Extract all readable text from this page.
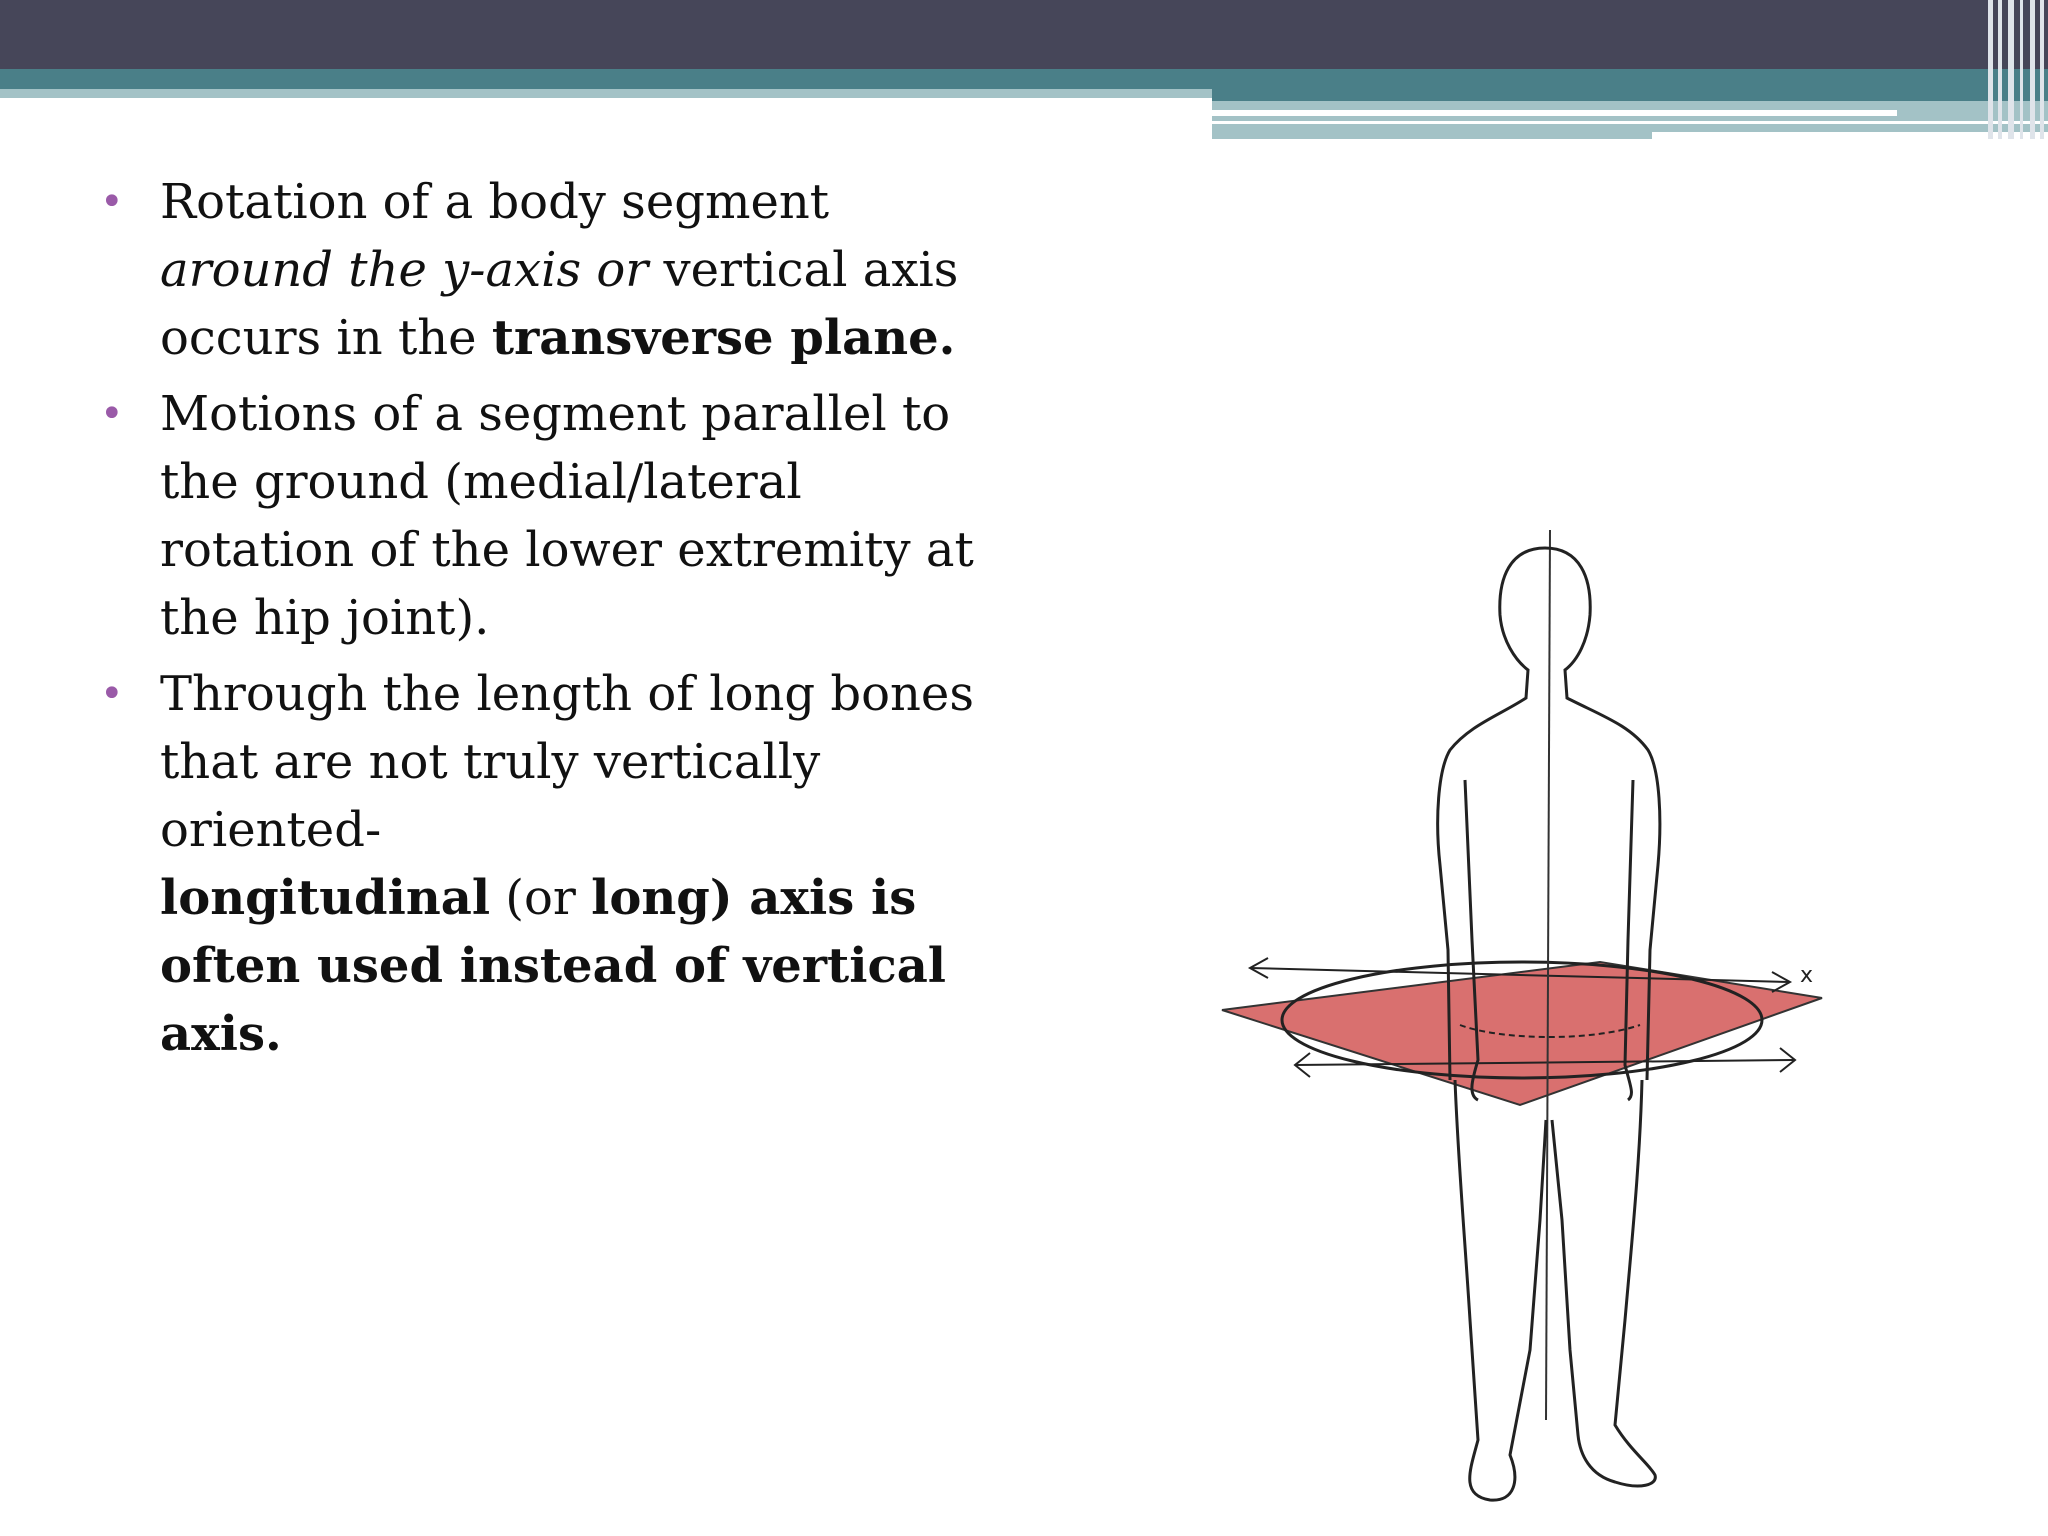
• Rotation of a body segment
around the y-axis or vertical axis occurs in the transverse plane.
• Motions of a segment parallel to the ground (medial/lateral rotation of the lower extremity at the hip joint).
• Through the length of long bones that are not truly vertically oriented-
longitudinal (or long) axis is often used instead of vertical axis.
x
